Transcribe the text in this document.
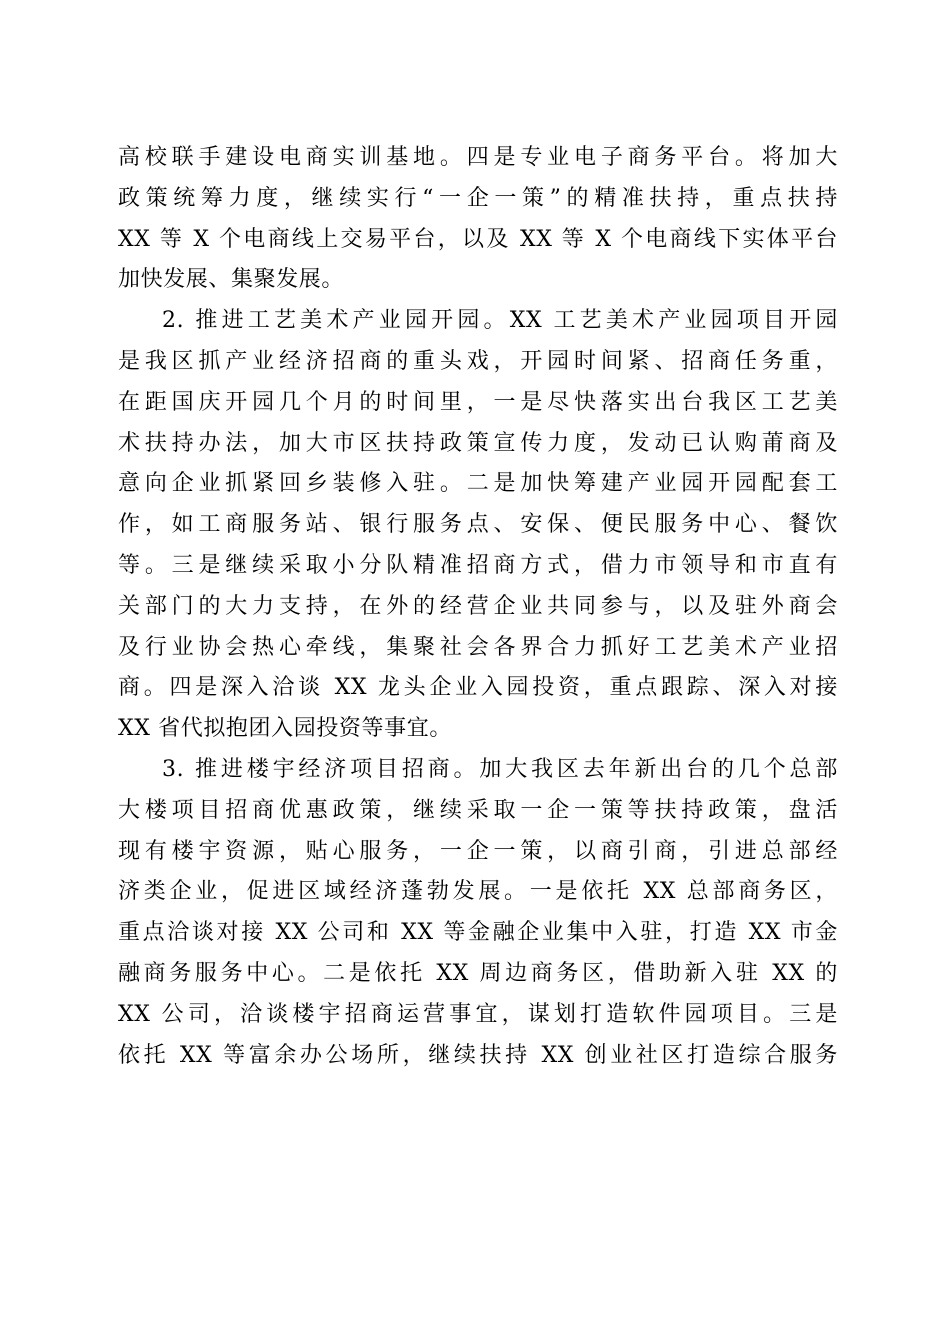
高校联手建设电商实训基地。四是专业电子商务平台。将加大
政策统筹力度，继续实行“一企一策”的精准扶持，重点扶持
XX 等 X 个电商线上交易平台，以及 XX 等 X 个电商线下实体平台
加快发展、集聚发展。
2. 推进工艺美术产业园开园。XX 工艺美术产业园项目开园
是我区抓产业经济招商的重头戏，开园时间紧、招商任务重，
在距国庆开园几个月的时间里，一是尽快落实出台我区工艺美
术扶持办法，加大市区扶持政策宣传力度，发动已认购莆商及
意向企业抓紧回乡装修入驻。二是加快筹建产业园开园配套工
作，如工商服务站、银行服务点、安保、便民服务中心、餐饮
等。三是继续采取小分队精准招商方式，借力市领导和市直有
关部门的大力支持，在外的经营企业共同参与，以及驻外商会
及行业协会热心牵线，集聚社会各界合力抓好工艺美术产业招
商。四是深入洽谈 XX 龙头企业入园投资，重点跟踪、深入对接
XX 省代拟抱团入园投资等事宜。
3. 推进楼宇经济项目招商。加大我区去年新出台的几个总部
大楼项目招商优惠政策，继续采取一企一策等扶持政策，盘活
现有楼宇资源，贴心服务，一企一策，以商引商，引进总部经
济类企业，促进区域经济蓬勃发展。一是依托 XX 总部商务区，
重点洽谈对接 XX 公司和 XX 等金融企业集中入驻，打造 XX 市金
融商务服务中心。二是依托 XX 周边商务区，借助新入驻 XX 的
XX 公司，洽谈楼宇招商运营事宜，谋划打造软件园项目。三是
依托 XX 等富余办公场所，继续扶持 XX 创业社区打造综合服务
